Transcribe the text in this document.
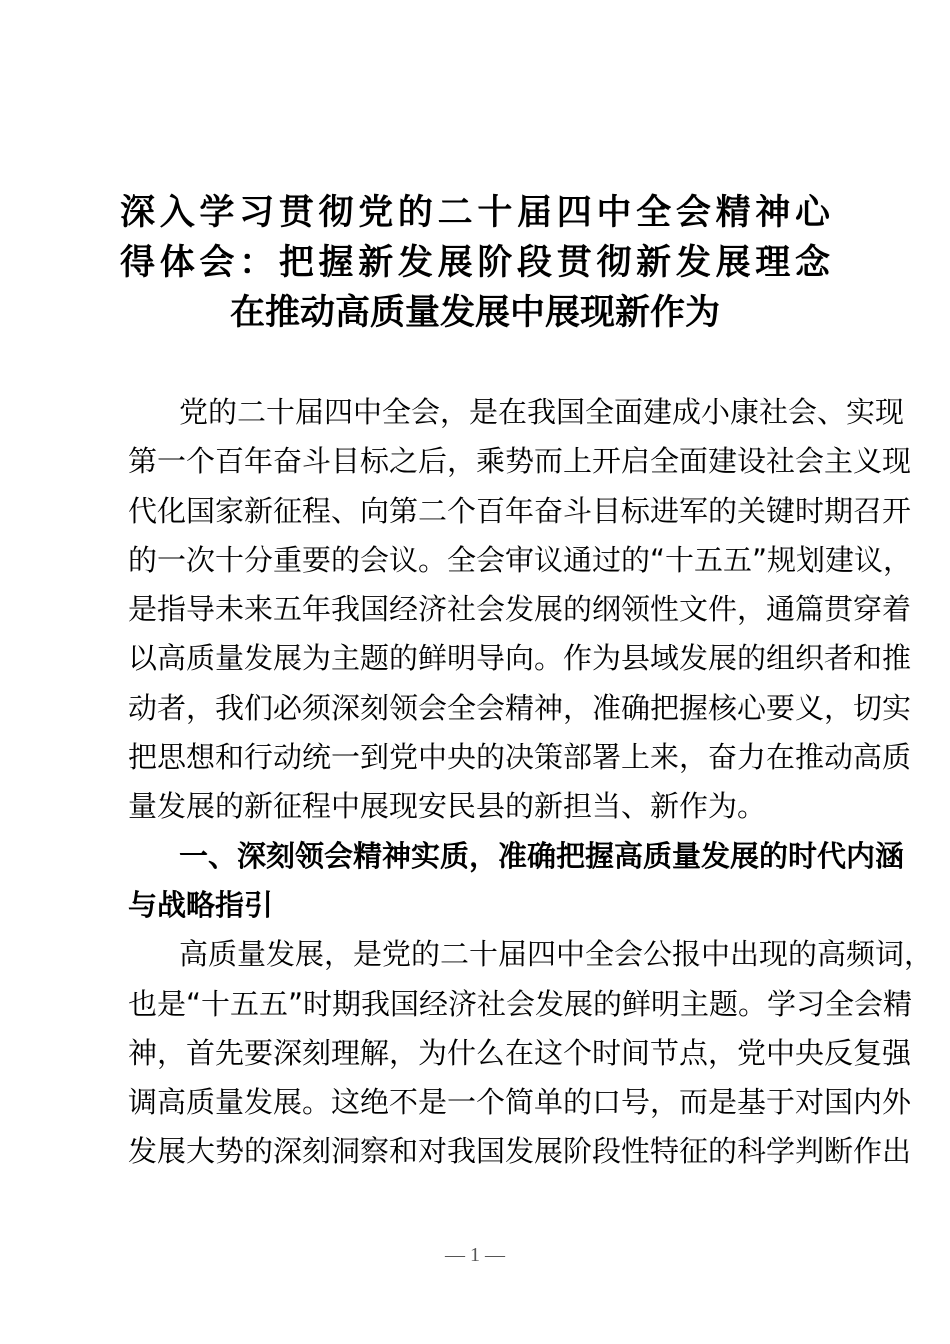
深入学习贯彻党的二十届四中全会精神心
得体会：把握新发展阶段贯彻新发展理念
在推动高质量发展中展现新作为
党的二十届四中全会，是在我国全面建成小康社会、实现
第一个百年奋斗目标之后，乘势而上开启全面建设社会主义现
代化国家新征程、向第二个百年奋斗目标进军的关键时期召开
的一次十分重要的会议。全会审议通过的“十五五”规划建议，
是指导未来五年我国经济社会发展的纲领性文件，通篇贯穿着
以高质量发展为主题的鲜明导向。作为县域发展的组织者和推
动者，我们必须深刻领会全会精神，准确把握核心要义，切实
把思想和行动统一到党中央的决策部署上来，奋力在推动高质
量发展的新征程中展现安民县的新担当、新作为。
一、深刻领会精神实质，准确把握高质量发展的时代内涵
与战略指引
高质量发展，是党的二十届四中全会公报中出现的高频词，
也是“十五五”时期我国经济社会发展的鲜明主题。学习全会精
神，首先要深刻理解，为什么在这个时间节点，党中央反复强
调高质量发展。这绝不是一个简单的口号，而是基于对国内外
发展大势的深刻洞察和对我国发展阶段性特征的科学判断作出
— 1 —
